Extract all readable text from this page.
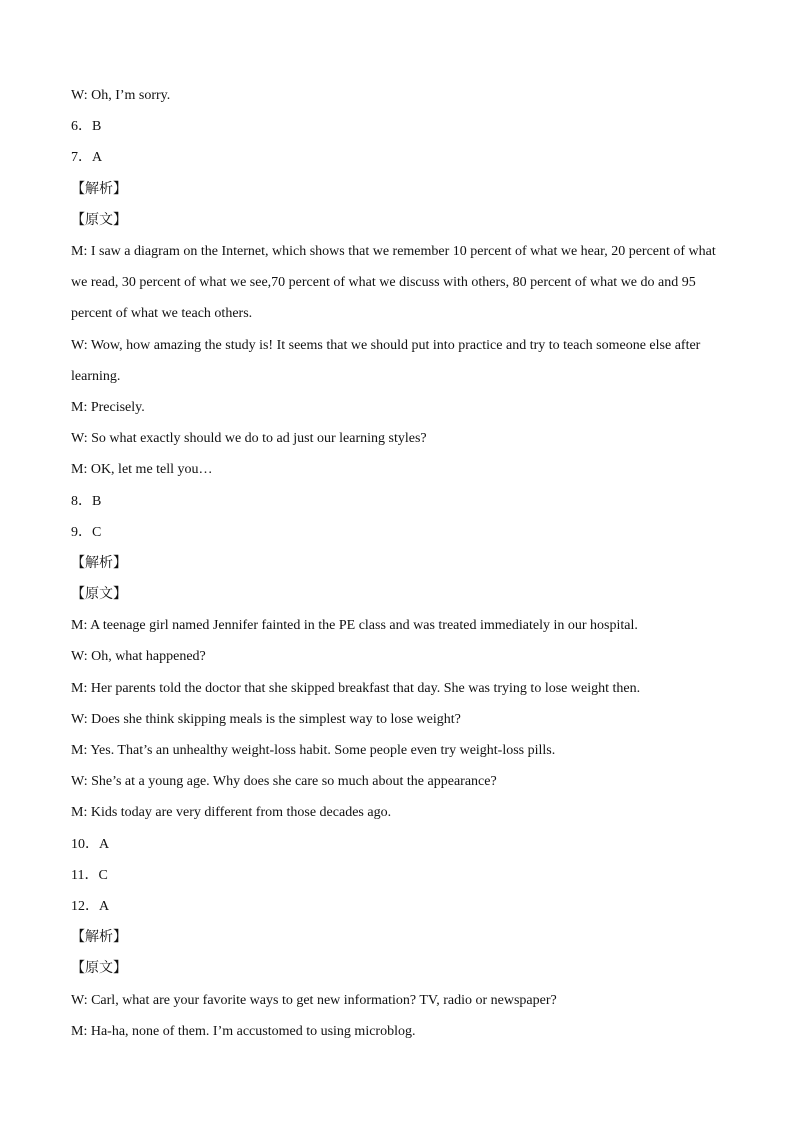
W: Oh, I’m sorry.

6．B

7．A

【解析】

【原文】

M: I saw a diagram on the Internet, which shows that we remember 10 percent of what we hear, 20 percent of what we read, 30 percent of what we see,70 percent of what we discuss with others, 80 percent of what we do and 95 percent of what we teach others.

W: Wow, how amazing the study is! It seems that we should put into practice and try to teach someone else after learning.

M: Precisely.

W: So what exactly should we do to ad just our learning styles?

M: OK, let me tell you…

8．B

9．C

【解析】

【原文】

M: A teenage girl named Jennifer fainted in the PE class and was treated immediately in our hospital.

W: Oh, what happened?

M: Her parents told the doctor that she skipped breakfast that day. She was trying to lose weight then.

W: Does she think skipping meals is the simplest way to lose weight?

M: Yes. That’s an unhealthy weight-loss habit. Some people even try weight-loss pills.

W: She’s at a young age. Why does she care so much about the appearance?

M: Kids today are very different from those decades ago.

10．A

11．C

12．A

【解析】

【原文】

W: Carl, what are your favorite ways to get new information? TV, radio or newspaper?

M: Ha-ha, none of them. I’m accustomed to using microblog.
